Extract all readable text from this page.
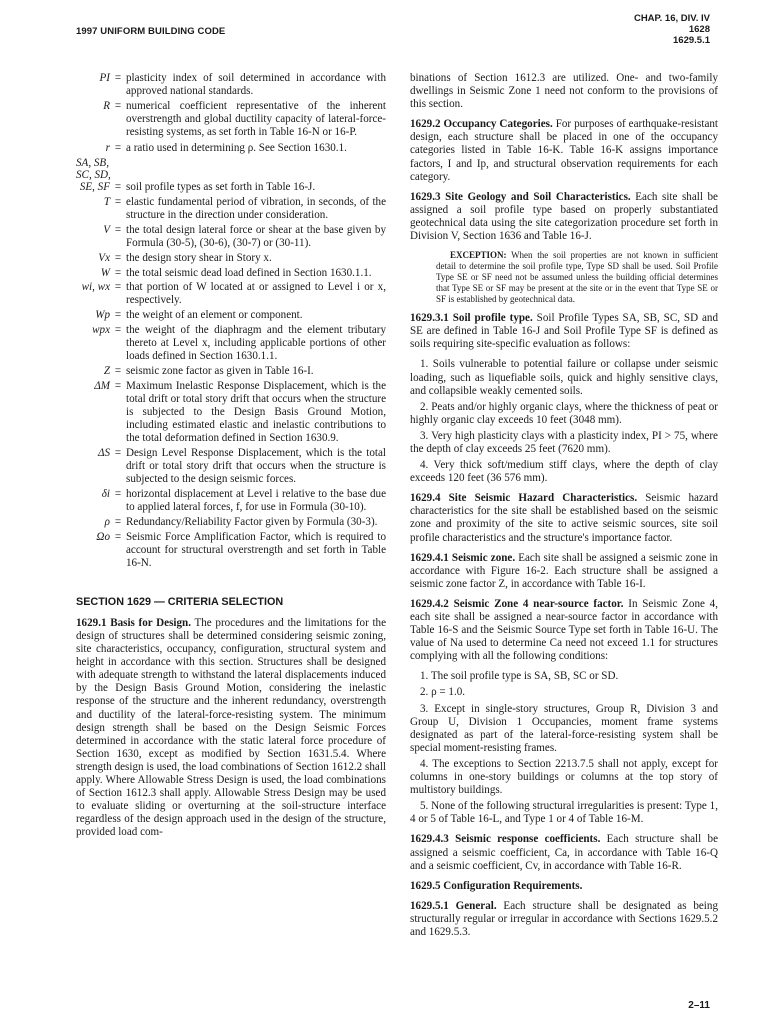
1997 UNIFORM BUILDING CODE
CHAP. 16, DIV. IV
1628
1629.5.1
PI = plasticity index of soil determined in accordance with approved national standards.
R = numerical coefficient representative of the inherent overstrength and global ductility capacity of lateral-force-resisting systems, as set forth in Table 16-N or 16-P.
r = a ratio used in determining ρ. See Section 1630.1.
SA, SB,
SC, SD,
SE, SF = soil profile types as set forth in Table 16-J.
T = elastic fundamental period of vibration, in seconds, of the structure in the direction under consideration.
V = the total design lateral force or shear at the base given by Formula (30-5), (30-6), (30-7) or (30-11).
Vx = the design story shear in Story x.
W = the total seismic dead load defined in Section 1630.1.1.
wi, wx = that portion of W located at or assigned to Level i or x, respectively.
Wp = the weight of an element or component.
wpx = the weight of the diaphragm and the element tributary thereto at Level x, including applicable portions of other loads defined in Section 1630.1.1.
Z = seismic zone factor as given in Table 16-I.
ΔM = Maximum Inelastic Response Displacement, which is the total drift or total story drift that occurs when the structure is subjected to the Design Basis Ground Motion, including estimated elastic and inelastic contributions to the total deformation defined in Section 1630.9.
ΔS = Design Level Response Displacement, which is the total drift or total story drift that occurs when the structure is subjected to the design seismic forces.
δi = horizontal displacement at Level i relative to the base due to applied lateral forces, f, for use in Formula (30-10).
ρ = Redundancy/Reliability Factor given by Formula (30-3).
Ωo = Seismic Force Amplification Factor, which is required to account for structural overstrength and set forth in Table 16-N.
SECTION 1629 — CRITERIA SELECTION

1629.1 Basis for Design. The procedures and the limitations for the design of structures shall be determined considering seismic zoning, site characteristics, occupancy, configuration, structural system and height in accordance with this section. Structures shall be designed with adequate strength to withstand the lateral displacements induced by the Design Basis Ground Motion, considering the inelastic response of the structure and the inherent redundancy, overstrength and ductility of the lateral-force-resisting system. The minimum design strength shall be based on the Design Seismic Forces determined in accordance with the static lateral force procedure of Section 1630, except as modified by Section 1631.5.4. Where strength design is used, the load combinations of Section 1612.2 shall apply. Where Allowable Stress Design is used, the load combinations of Section 1612.3 shall apply. Allowable Stress Design may be used to evaluate sliding or overturning at the soil-structure interface regardless of the design approach used in the design of the structure, provided load com-

binations of Section 1612.3 are utilized. One- and two-family dwellings in Seismic Zone 1 need not conform to the provisions of this section.

1629.2 Occupancy Categories. For purposes of earthquake-resistant design, each structure shall be placed in one of the occupancy categories listed in Table 16-K. Table 16-K assigns importance factors, I and Ip, and structural observation requirements for each category.

1629.3 Site Geology and Soil Characteristics. Each site shall be assigned a soil profile type based on properly substantiated geotechnical data using the site categorization procedure set forth in Division V, Section 1636 and Table 16-J.

EXCEPTION: When the soil properties are not known in sufficient detail to determine the soil profile type, Type SD shall be used. Soil Profile Type SE or SF need not be assumed unless the building official determines that Type SE or SF may be present at the site or in the event that Type SE or SF is established by geotechnical data.

1629.3.1 Soil profile type. Soil Profile Types SA, SB, SC, SD and SE are defined in Table 16-J and Soil Profile Type SF is defined as soils requiring site-specific evaluation as follows:

1. Soils vulnerable to potential failure or collapse under seismic loading, such as liquefiable soils, quick and highly sensitive clays, and collapsible weakly cemented soils.

2. Peats and/or highly organic clays, where the thickness of peat or highly organic clay exceeds 10 feet (3048 mm).

3. Very high plasticity clays with a plasticity index, PI > 75, where the depth of clay exceeds 25 feet (7620 mm).

4. Very thick soft/medium stiff clays, where the depth of clay exceeds 120 feet (36 576 mm).

1629.4 Site Seismic Hazard Characteristics. Seismic hazard characteristics for the site shall be established based on the seismic zone and proximity of the site to active seismic sources, site soil profile characteristics and the structure's importance factor.

1629.4.1 Seismic zone. Each site shall be assigned a seismic zone in accordance with Figure 16-2. Each structure shall be assigned a seismic zone factor Z, in accordance with Table 16-I.

1629.4.2 Seismic Zone 4 near-source factor. In Seismic Zone 4, each site shall be assigned a near-source factor in accordance with Table 16-S and the Seismic Source Type set forth in Table 16-U. The value of Na used to determine Ca need not exceed 1.1 for structures complying with all the following conditions:

1. The soil profile type is SA, SB, SC or SD.

2. ρ = 1.0.

3. Except in single-story structures, Group R, Division 3 and Group U, Division 1 Occupancies, moment frame systems designated as part of the lateral-force-resisting system shall be special moment-resisting frames.

4. The exceptions to Section 2213.7.5 shall not apply, except for columns in one-story buildings or columns at the top story of multistory buildings.

5. None of the following structural irregularities is present: Type 1, 4 or 5 of Table 16-L, and Type 1 or 4 of Table 16-M.

1629.4.3 Seismic response coefficients. Each structure shall be assigned a seismic coefficient, Ca, in accordance with Table 16-Q and a seismic coefficient, Cv, in accordance with Table 16-R.

1629.5 Configuration Requirements.

1629.5.1 General. Each structure shall be designated as being structurally regular or irregular in accordance with Sections 1629.5.2 and 1629.5.3.

2–11
